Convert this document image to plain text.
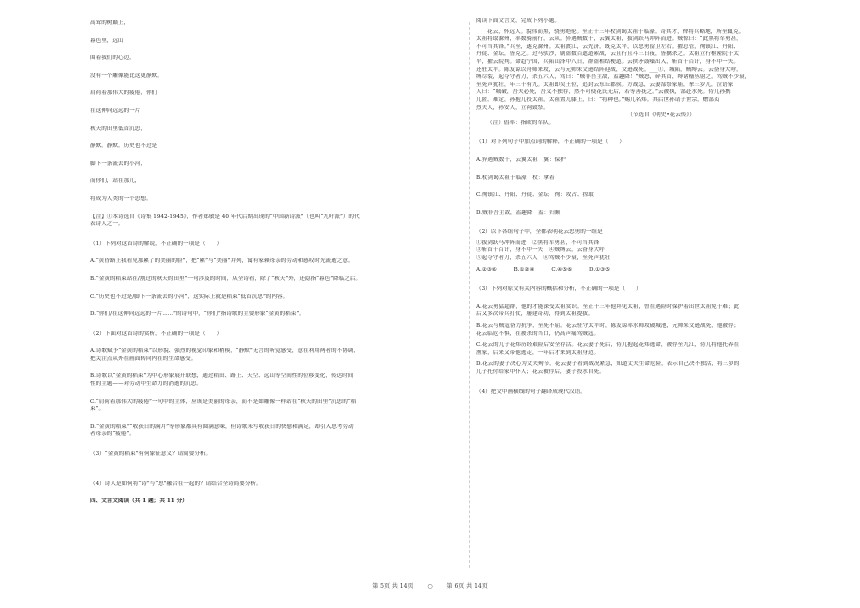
高耸的树巅上，
暮色里，远山
围着我们的心边，
没有一个雕像能比这更静默。
肩荷着那伟大的疲倦，你们
在这伸向远远的一片
秋天的田里低首沉思，
静默。静默。历史也不过是
脚下一条流去的小河，
而你们，站在那儿，
将成为人类的一个思想。
【注】①本诗选自《诗集 1942-1945》，作者郑敏是 40 年代后期出现的“中国新诗派”（也叫“九叶派”）的代
表诗人之一。
（1）下列对这首诗的解说，不正确的一项是（　　）
A.“黄昏路上我看见那累了的美丽的脸”，把“累”与“美丽”并列，寓有家赖母亲的劳动和感叹时光流逝之意。
B.“金黄的稻束站在/割过的秋天的田里”一句涉及的时间，从全诗看，除了“秋天”外，还隐指“暮色”降临之后。
C.“历史也不过是/脚下一条流去的小河”，这实际上就是稻束“低首沉思”的内容。
D.“你们/在这伸向远远的一片......”的诗句中，“你们”指诗歌的主要形象“金黄的稻束”。
（2）下面对这首诗的赏析，不正确的一项是（　　）
A.诗歌赋予“金黄的稻束”以形貌、强烈的视觉印象和稍模，“静默”无言的听觉感受，意在利用两者的不协调，
把关注点从外在画面转向内在的生命感受。
B.诗歌以“金黄的稻束”为中心形象展开联想，通过稻田、路上、天空、远山等空间性的位移变化，传达时间
性的主题——对劳动中生命力的消逝的沉思。
C.“肩荷着那伟大的疲倦”一句中的主体，应该是美丽的母亲，而不是如雕像一样站在“秋天的田里”沉思的“稻
束”。
D.“金黄的稻束”“收获日的满月”等形象都具有圆满意味，但诗歌未写收获日的快慰和满足，却引入思考劳动
者母亲的“疲倦”。
（3）“金黄的稻束”有何象征意义？请简要分析。
（4）诗人是如何将“诗”与“思”融合在一起的？请结合全诗简要分析。
四、文言文阅读（共 1 题；共 11 分）
阅读下面文言文，完成下列小题。
花云，怀远人。貌伟而黑，骁勇绝伦。至正十三年杖剑谒太祖于临濠。奇其才，俾将兵略地，所至辄克。
太祖将取滁州，率数骑前行，云从。猝遇贼数千，云翼太祖，拔剑跃马冲阵而进。贼惊曰：“此黑将军勇甚，
不可当其锋。”兵至，遂克滁州。太祖渡江，云先济，既克太平，以忠勇留卫左右。擢总管，徇镇江、丹阳、
丹徒、金坛，皆克之。过马驮沙，剧盗数百遮道索战，云且行且斗三日夜，皆擒杀之。太祖立行枢密院于太
平，擢云院判。命趋宁国，兵陷山泽中八日，群盗相结梗道。云挟矛鼓噪出入，斩首千百计，身不中一矢。
还驻太平。陈友谅以舟师来攻，云与元帅朱文逊结阵迎战，文逊战死。___①，城陷，贼缚云。云奋身大呼，
缚尽裂，起夺守者刀，杀五六人，骂曰：“贼非吾主敌，盍趣降！”贼怒，碎其首，缚诸樯丛射之，骂贼不少衰，
至死声犹壮，年三十有九。太祖即吴王位，追封云东丘郡侯。方战急，云妻郜祭家庙，挈三岁儿，泣语家
人曰：“城破，吾夫必死，吾义不独存，然不可使花氏无后，若等善抚之。”云被执，郜赴水死。侍儿孙携
儿匿。难定，孙抱儿投太祖，太祖置儿膝上，曰：“将种也。”赐儿名炜。其后世孙请子世宗，赠郜贞
烈夫人，孙安人，立祠致祭。
（节选自《明史•花云传》）
（注）倡率：指欧的军队。
（1）对下列句子中加点词的解释，不正确的一项是（　　）
A.猝遇贼数千，云翼太祖　翼：保护
B.杖剑谒太祖于临濠　杖：拿着
C.徇镇江、丹阳、丹徒、金坛　徇：攻占、掠取
D.贼非吾主敌，盍趣降　盍：归顺
（2）以下各组句子中，全都表明花云忠勇的一组是
①拔剑跃马冲阵而进　②黑将军勇甚，不可当其锋
③斩首千百计，身不中一矢　④贼缚云，云奋身大呼
⑤起夺守者刀，杀五六人　⑥骂贼不少衰，至死声犹壮
A.②③⑥　　　B.①②④　　　C.④⑤⑥　　　D.①③⑤
（3）下列对原文有关内容的概括和分析，不正确的一项是（　　）
A.花云勇猛超群，他的才能深受太祖赏识。至正十三年他拜见太祖，曾在遇险时保护着出世太祖免于难；此
后又多次带兵打仗，屡建奇功，得到太祖提拔。
B.花云与贼寇奋力抗争，至死不屈。花云驻守太平时，陈友谅率水师攻破城池，元帅朱文逊战死，他被俘；
花云临危不惧，在被杀的当口，仍高声痛骂贼寇。
C.花云的儿子花炜历经艰险后安全存活。花云妻子死后，侍儿抱起花炜逃命，被俘至九江，侍儿将他托养在
渔家，后来又带他逃走，一年后才来到太祖身边。
D.花云的妻子决心为丈夫殉节。花云妻子看到战况紧急，知道丈夫生命危险，表示自己决不独活，将三岁的
儿子托付给家中仆人；花云被俘后，妻子投水自死。
（4）把文中画横线的句子翻译成现代汉语。
第 5页 共 14页 ○ 第 6页 共 14页
